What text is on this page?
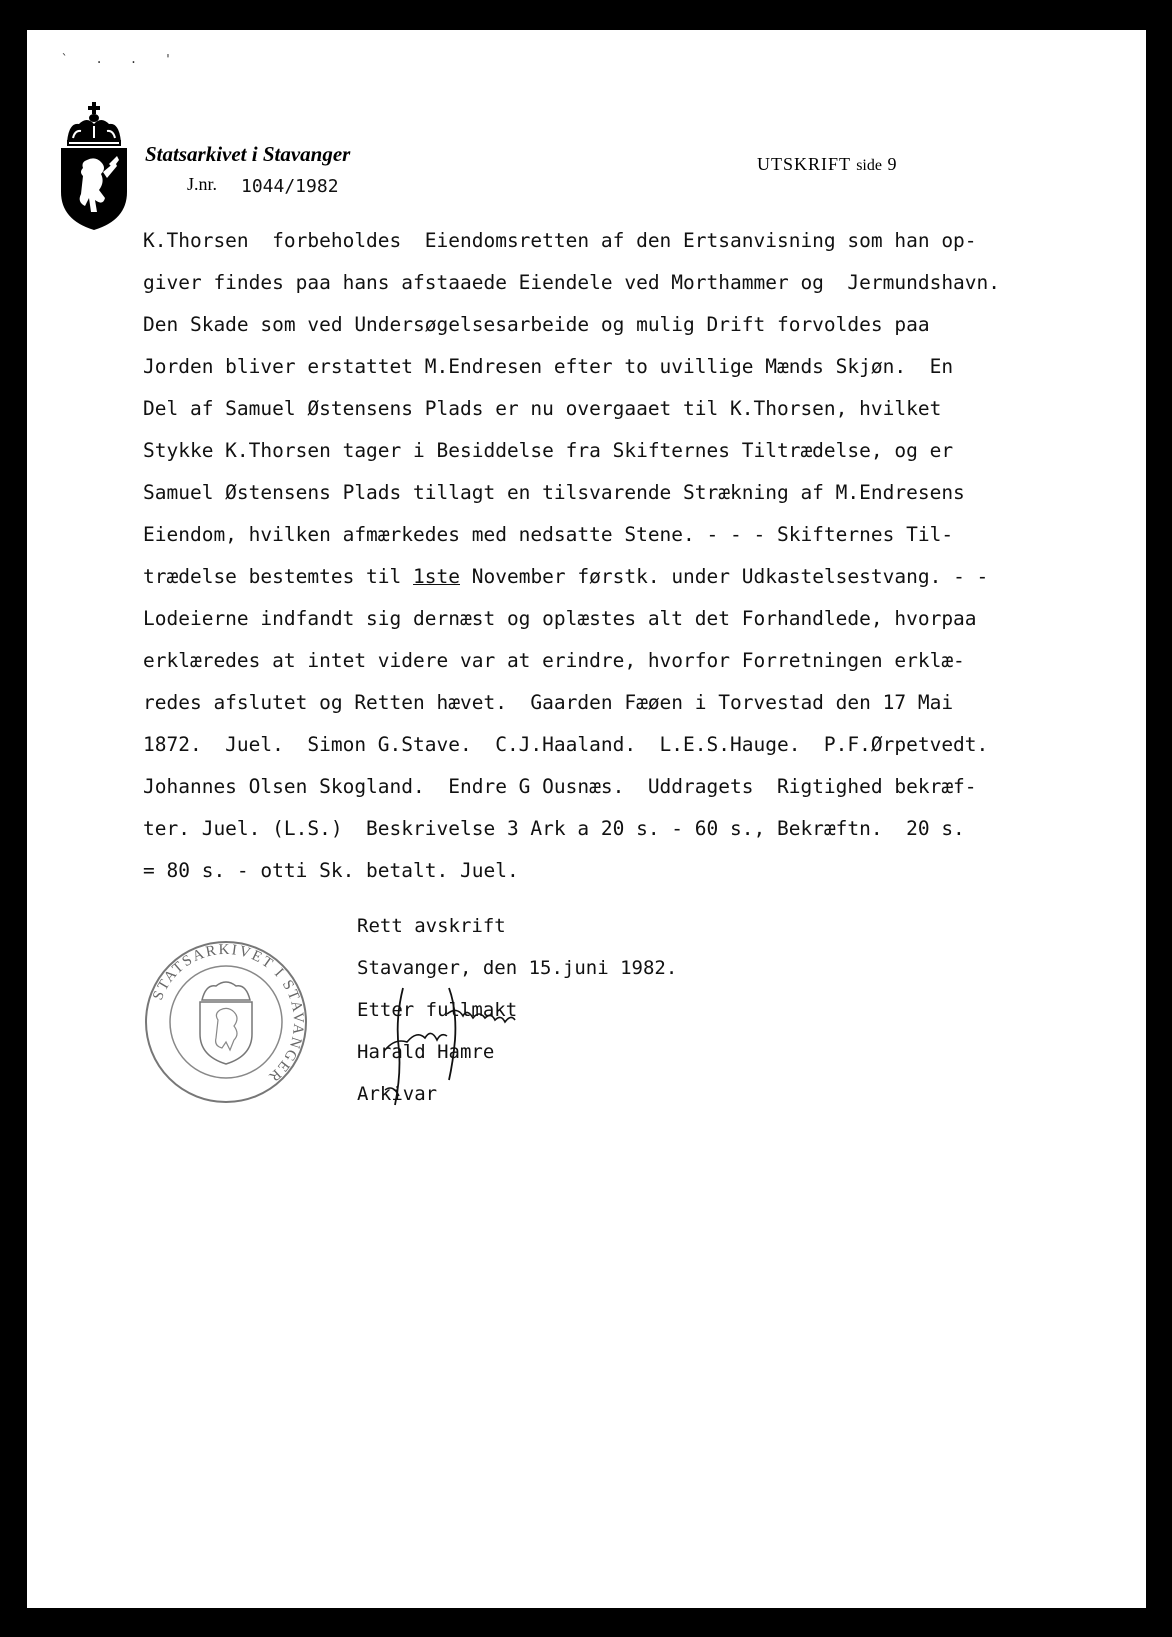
` . . '
Statsarkivet i Stavanger
J.nr. 1044/1982
UTSKRIFT side 9
K.Thorsen  forbeholdes  Eiendomsretten af den Ertsanvisning som han op-
giver findes paa hans afstaaede Eiendele ved Morthammer og  Jermundshavn.
Den Skade som ved Undersøgelsesarbeide og mulig Drift forvoldes paa
Jorden bliver erstattet M.Endresen efter to uvillige Mænds Skjøn.  En
Del af Samuel Østensens Plads er nu overgaaet til K.Thorsen, hvilket
Stykke K.Thorsen tager i Besiddelse fra Skifternes Tiltrædelse, og er
Samuel Østensens Plads tillagt en tilsvarende Strækning af M.Endresens
Eiendom, hvilken afmærkedes med nedsatte Stene. - - - Skifternes Til-
trædelse bestemtes til 1ste November førstk. under Udkastelsestvang. - -
Lodeierne indfandt sig dernæst og oplæstes alt det Forhandlede, hvorpaa
erklæredes at intet videre var at erindre, hvorfor Forretningen erklæ-
redes afslutet og Retten hævet.  Gaarden Fæøen i Torvestad den 17 Mai
1872.  Juel.  Simon G.Stave.  C.J.Haaland.  L.E.S.Hauge.  P.F.Ørpetvedt.
Johannes Olsen Skogland.  Endre G Ousnæs.  Uddragets  Rigtighed bekræf-
ter. Juel. (L.S.)  Beskrivelse 3 Ark a 20 s. - 60 s., Bekræftn.  20 s.
= 80 s. - otti Sk. betalt. Juel.
STATSARKIVET I STAVANGER

Rett avskrift

Stavanger, den 15.juni 1982.

Etter fullmakt

Harald Hamre

Arkivar
